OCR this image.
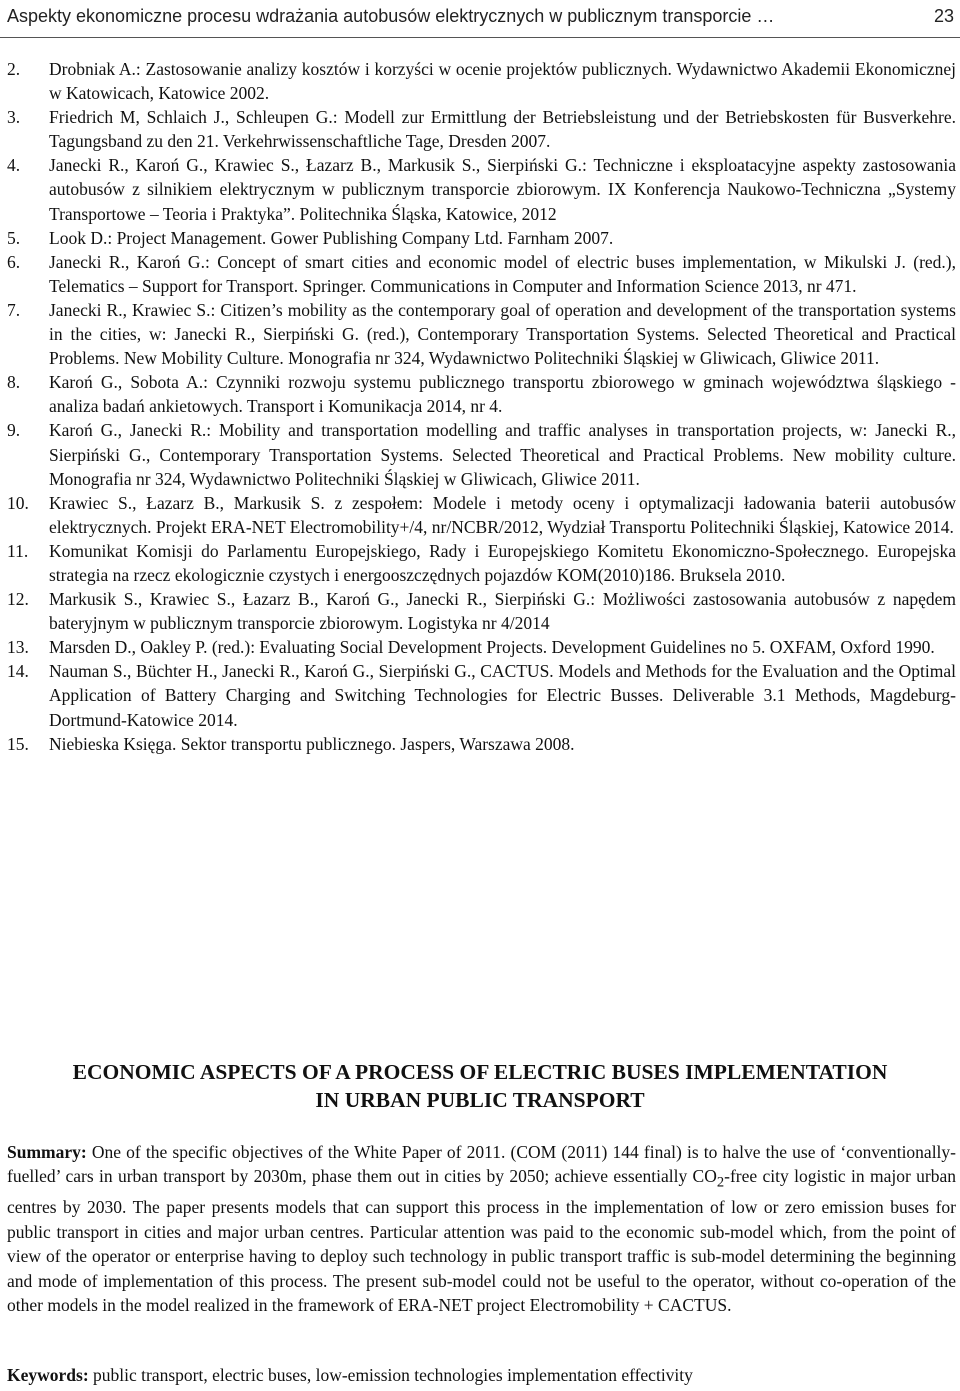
Aspekty ekonomiczne procesu wdrażania autobusów elektrycznych w publicznym transporcie …	23
2. Drobniak A.: Zastosowanie analizy kosztów i korzyści w ocenie projektów publicznych. Wydawnictwo Akademii Ekonomicznej w Katowicach, Katowice 2002.
3. Friedrich M, Schlaich J., Schleupen G.: Modell zur Ermittlung der Betriebsleistung und der Betriebskosten für Busverkehre. Tagungsband zu den 21. Verkehrwissenschaftliche Tage, Dresden 2007.
4. Janecki R., Karoń G., Krawiec S., Łazarz B., Markusik S., Sierpiński G.: Techniczne i eksploatacyjne aspekty zastosowania autobusów z silnikiem elektrycznym w publicznym transporcie zbiorowym. IX Konferencja Naukowo-Techniczna „Systemy Transportowe – Teoria i Praktyka”. Politechnika Śląska, Katowice, 2012
5. Look D.: Project Management. Gower Publishing Company Ltd. Farnham 2007.
6. Janecki R., Karoń G.: Concept of smart cities and economic model of electric buses implementation, w Mikulski J. (red.), Telematics – Support for Transport. Springer. Communications in Computer and Information Science 2013, nr 471.
7. Janecki R., Krawiec S.: Citizen’s mobility as the contemporary goal of operation and development of the transportation systems in the cities, w: Janecki R., Sierpiński G. (red.), Contemporary Transportation Systems. Selected Theoretical and Practical Problems. New Mobility Culture. Monografia nr 324, Wydawnictwo Politechniki Śląskiej w Gliwicach, Gliwice 2011.
8. Karoń G., Sobota A.: Czynniki rozwoju systemu publicznego transportu zbiorowego w gminach województwa śląskiego - analiza badań ankietowych. Transport i Komunikacja 2014, nr 4.
9. Karoń G., Janecki R.: Mobility and transportation modelling and traffic analyses in transportation projects, w: Janecki R., Sierpiński G., Contemporary Transportation Systems. Selected Theoretical and Practical Problems. New mobility culture. Monografia nr 324, Wydawnictwo Politechniki Śląskiej w Gliwicach, Gliwice 2011.
10. Krawiec S., Łazarz B., Markusik S. z zespołem: Modele i metody oceny i optymalizacji ładowania baterii autobusów elektrycznych. Projekt ERA-NET Electromobility+/4, nr/NCBR/2012, Wydział Transportu Politechniki Śląskiej, Katowice 2014.
11. Komunikat Komisji do Parlamentu Europejskiego, Rady i Europejskiego Komitetu Ekonomiczno-Społecznego. Europejska strategia na rzecz ekologicznie czystych i energooszczędnych pojazdów KOM(2010)186. Bruksela 2010.
12. Markusik S., Krawiec S., Łazarz B., Karoń G., Janecki R., Sierpiński G.: Możliwości zastosowania autobusów z napędem bateryjnym w publicznym transporcie zbiorowym. Logistyka nr 4/2014
13. Marsden D., Oakley P. (red.): Evaluating Social Development Projects. Development Guidelines no 5. OXFAM, Oxford 1990.
14. Nauman S., Büchter H., Janecki R., Karoń G., Sierpiński G., CACTUS. Models and Methods for the Evaluation and the Optimal Application of Battery Charging and Switching Technologies for Electric Busses. Deliverable 3.1 Methods, Magdeburg-Dortmund-Katowice 2014.
15. Niebieska Księga. Sektor transportu publicznego. Jaspers, Warszawa 2008.
ECONOMIC ASPECTS OF A PROCESS OF ELECTRIC BUSES IMPLEMENTATION
IN URBAN PUBLIC TRANSPORT

Summary: One of the specific objectives of the White Paper of 2011. (COM (2011) 144 final) is to halve the use of ‘conventionally-fuelled’ cars in urban transport by 2030m, phase them out in cities by 2050; achieve essentially $CO_2$-free city logistic in major urban centres by 2030. The paper presents models that can support this process in the implementation of low or zero emission buses for public transport in cities and major urban centres. Particular attention was paid to the economic sub-model which, from the point of view of the operator or enterprise having to deploy such technology in public transport traffic is sub-model determining the beginning and mode of implementation of this process. The present sub-model could not be useful to the operator, without co-operation of the other models in the model realized in the framework of ERA-NET project Electromobility + CACTUS.

Keywords: public transport, electric buses, low-emission technologies implementation effectivity
